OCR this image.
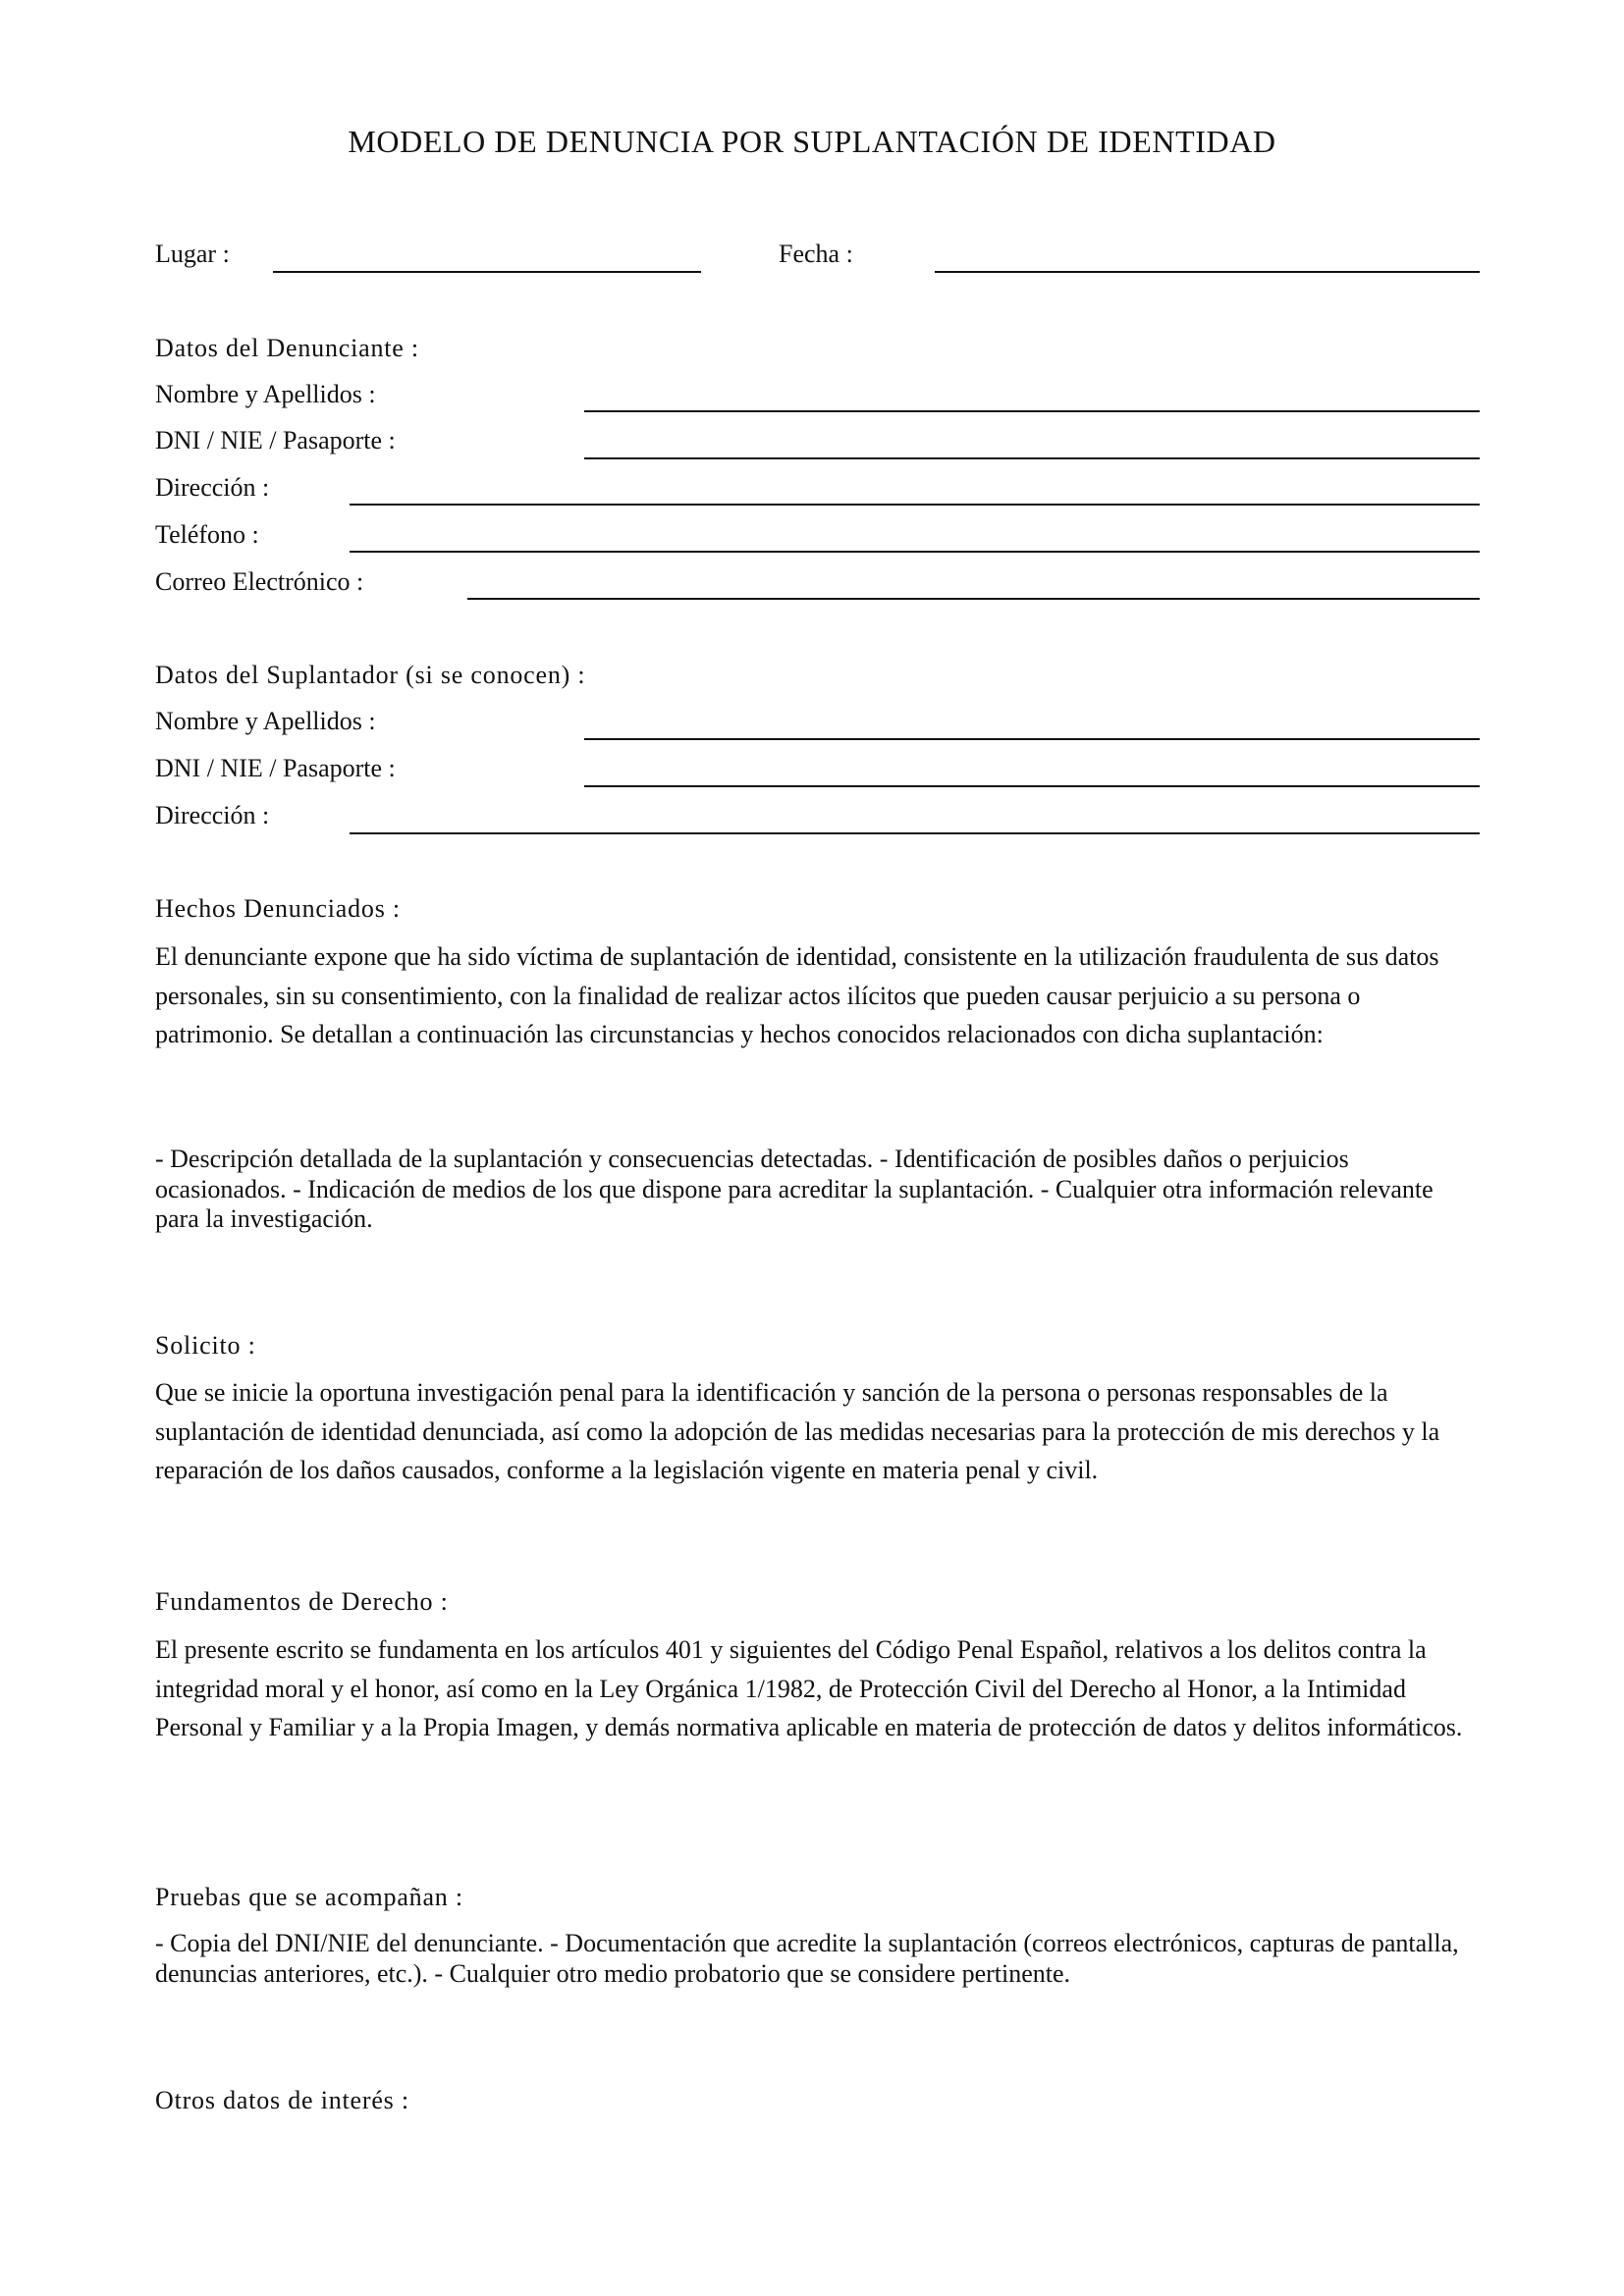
MODELO DE DENUNCIA POR SUPLANTACIÓN DE IDENTIDAD
Lugar :	Fecha :
Datos del Denunciante :
Nombre y Apellidos :
DNI / NIE / Pasaporte :
Dirección :
Teléfono :
Correo Electrónico :
Datos del Suplantador (si se conocen) :
Nombre y Apellidos :
DNI / NIE / Pasaporte :
Dirección :
Hechos Denunciados :

El denunciante expone que ha sido víctima de suplantación de identidad, consistente en la utilización fraudulenta de sus datos personales, sin su consentimiento, con la finalidad de realizar actos ilícitos que pueden causar perjuicio a su persona o patrimonio. Se detallan a continuación las circunstancias y hechos conocidos relacionados con dicha suplantación:

- Descripción detallada de la suplantación y consecuencias detectadas. - Identificación de posibles daños o perjuicios ocasionados. - Indicación de medios de los que dispone para acreditar la suplantación. - Cualquier otra información relevante para la investigación.

Solicito :

Que se inicie la oportuna investigación penal para la identificación y sanción de la persona o personas responsables de la suplantación de identidad denunciada, así como la adopción de las medidas necesarias para la protección de mis derechos y la reparación de los daños causados, conforme a la legislación vigente en materia penal y civil.

Fundamentos de Derecho :

El presente escrito se fundamenta en los artículos 401 y siguientes del Código Penal Español, relativos a los delitos contra la integridad moral y el honor, así como en la Ley Orgánica 1/1982, de Protección Civil del Derecho al Honor, a la Intimidad Personal y Familiar y a la Propia Imagen, y demás normativa aplicable en materia de protección de datos y delitos informáticos.

Pruebas que se acompañan :

- Copia del DNI/NIE del denunciante. - Documentación que acredite la suplantación (correos electrónicos, capturas de pantalla, denuncias anteriores, etc.). - Cualquier otro medio probatorio que se considere pertinente.

Otros datos de interés :
